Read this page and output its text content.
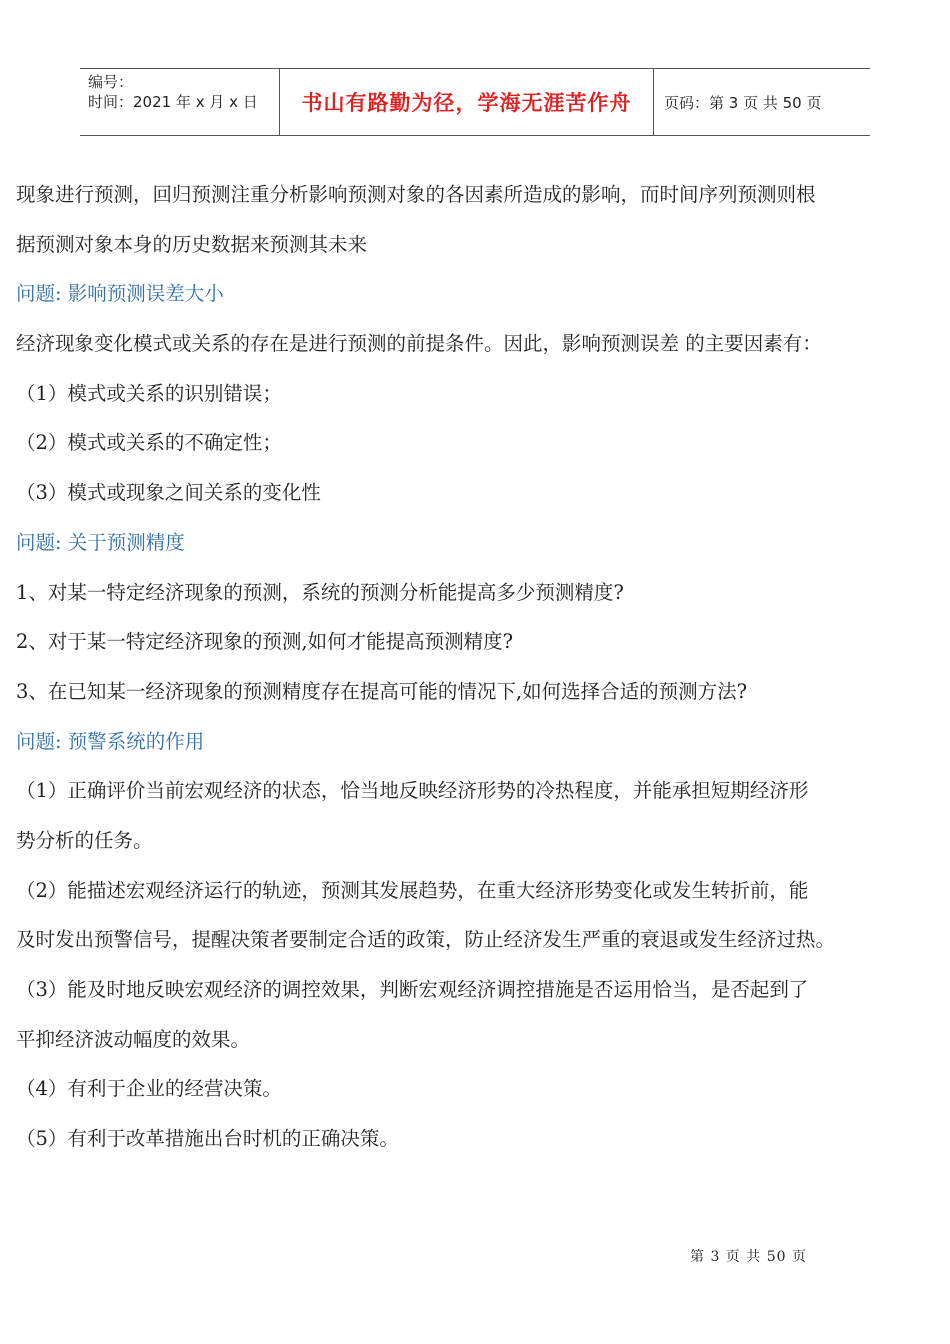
编号：
时间：2021 年 x 月 x 日	书山有路勤为径，学海无涯苦作舟	页码：第 3 页 共 50 页
现象进行预测，回归预测注重分析影响预测对象的各因素所造成的影响，而时间序列预测则根
据预测对象本身的历史数据来预测其未来
问题: 影响预测误差大小
经济现象变化模式或关系的存在是进行预测的前提条件。因此，影响预测误差 的主要因素有：
（1）模式或关系的识别错误；
（2）模式或关系的不确定性；
（3）模式或现象之间关系的变化性
问题: 关于预测精度
1、对某一特定经济现象的预测，系统的预测分析能提高多少预测精度?
2、对于某一特定经济现象的预测,如何才能提高预测精度?
3、在已知某一经济现象的预测精度存在提高可能的情况下,如何选择合适的预测方法?
问题: 预警系统的作用
（1）正确评价当前宏观经济的状态，恰当地反映经济形势的冷热程度，并能承担短期经济形
势分析的任务。
（2）能描述宏观经济运行的轨迹，预测其发展趋势，在重大经济形势变化或发生转折前，能
及时发出预警信号，提醒决策者要制定合适的政策，防止经济发生严重的衰退或发生经济过热。
（3）能及时地反映宏观经济的调控效果，判断宏观经济调控措施是否运用恰当，是否起到了
平抑经济波动幅度的效果。
（4）有利于企业的经营决策。
（5）有利于改革措施出台时机的正确决策。
第 3 页 共 50 页
